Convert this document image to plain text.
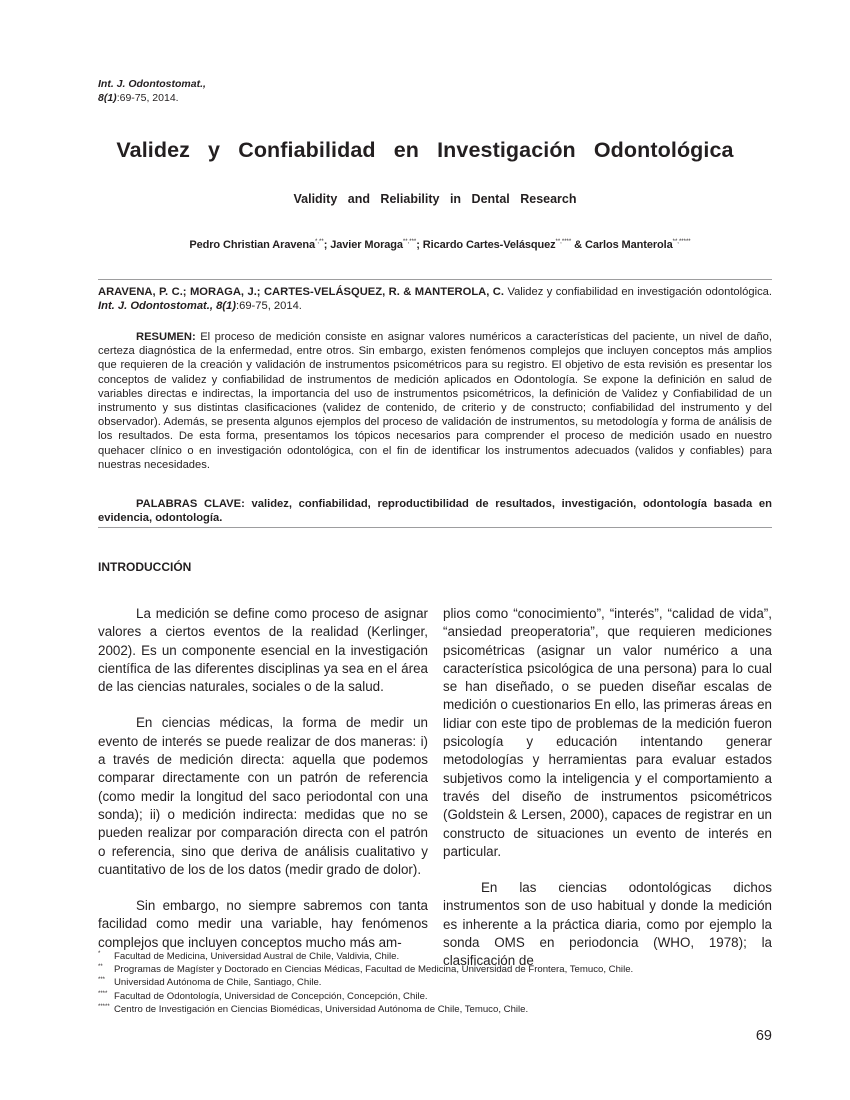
Int. J. Odontostomat.,
8(1):69-75, 2014.
Validez y Confiabilidad en Investigación Odontológica
Validity and Reliability in Dental Research
Pedro Christian Aravena*,**; Javier Moraga**,***; Ricardo Cartes-Velásquez**,**** & Carlos Manterola**,*****
ARAVENA, P. C.; MORAGA, J.; CARTES-VELÁSQUEZ, R. & MANTEROLA, C. Validez y confiabilidad en investigación odontológica. Int. J. Odontostomat., 8(1):69-75, 2014.
RESUMEN: El proceso de medición consiste en asignar valores numéricos a características del paciente, un nivel de daño, certeza diagnóstica de la enfermedad, entre otros. Sin embargo, existen fenómenos complejos que incluyen conceptos más amplios que requieren de la creación y validación de instrumentos psicométricos para su registro. El objetivo de esta revisión es presentar los conceptos de validez y confiabilidad de instrumentos de medición aplicados en Odontología. Se expone la definición en salud de variables directas e indirectas, la importancia del uso de instrumentos psicométricos, la definición de Validez y Confiabilidad de un instrumento y sus distintas clasificaciones (validez de contenido, de criterio y de constructo; confiabilidad del instrumento y del observador). Además, se presenta algunos ejemplos del proceso de validación de instrumentos, su metodología y forma de análisis de los resultados. De esta forma, presentamos los tópicos necesarios para comprender el proceso de medición usado en nuestro quehacer clínico o en investigación odontológica, con el fin de identificar los instrumentos adecuados (validos y confiables) para nuestras necesidades.
PALABRAS CLAVE: validez, confiabilidad, reproductibilidad de resultados, investigación, odontología basada en evidencia, odontología.
INTRODUCCIÓN

La medición se define como proceso de asignar valores a ciertos eventos de la realidad (Kerlinger, 2002). Es un componente esencial en la investigación científica de las diferentes disciplinas ya sea en el área de las ciencias naturales, sociales o de la salud.

En ciencias médicas, la forma de medir un evento de interés se puede realizar de dos maneras: i) a través de medición directa: aquella que podemos comparar directamente con un patrón de referencia (como medir la longitud del saco periodontal con una sonda); ii) o medición indirecta: medidas que no se pueden realizar por comparación directa con el patrón o referencia, sino que deriva de análisis cualitativo y cuantitativo de los de los datos (medir grado de dolor).

Sin embargo, no siempre sabremos con tanta facilidad como medir una variable, hay fenómenos complejos que incluyen conceptos mucho más am-

plios como “conocimiento”, “interés”, “calidad de vida”, “ansiedad preoperatoria”, que requieren mediciones psicométricas (asignar un valor numérico a una característica psicológica de una persona) para lo cual se han diseñado, o se pueden diseñar escalas de medición o cuestionarios En ello, las primeras áreas en lidiar con este tipo de problemas de la medición fueron psicología y educación intentando generar metodologías y herramientas para evaluar estados subjetivos como la inteligencia y el comportamiento a través del diseño de instrumentos psicométricos (Goldstein & Lersen, 2000), capaces de registrar en un constructo de situaciones un evento de interés en particular.

En las ciencias odontológicas dichos instrumentos son de uso habitual y donde la medición es inherente a la práctica diaria, como por ejemplo la sonda OMS en periodoncia (WHO, 1978); la clasificación de

*	Facultad de Medicina, Universidad Austral de Chile, Valdivia, Chile.
**	Programas de Magíster y Doctorado en Ciencias Médicas, Facultad de Medicina, Universidad de Frontera, Temuco, Chile.
*** Universidad Autónoma de Chile, Santiago, Chile.
**** Facultad de Odontología, Universidad de Concepción, Concepción, Chile.
***** Centro de Investigación en Ciencias Biomédicas, Universidad Autónoma de Chile, Temuco, Chile.
69
